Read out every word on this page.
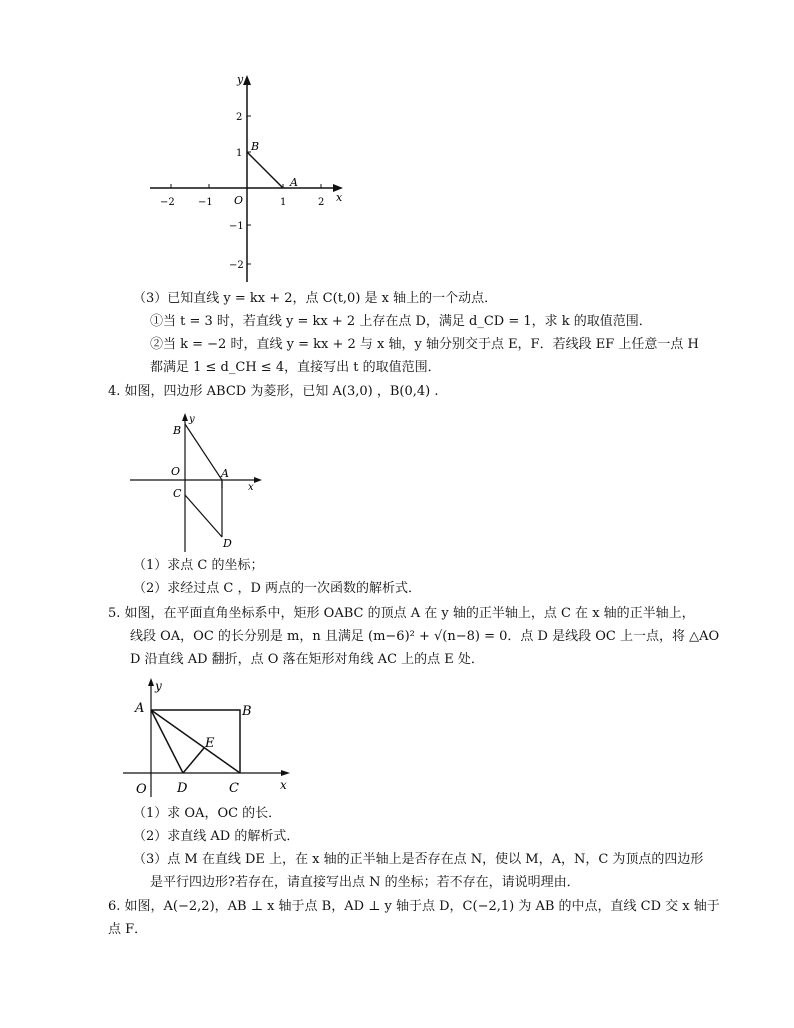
y
x
O
−2 −1	1	2
2
1
−1
−2
B
A
（3）已知直线 y = kx + 2，点 C(t,0) 是 x 轴上的一个动点．
①当 t = 3 时，若直线 y = kx + 2 上存在点 D，满足 d_CD = 1，求 k 的取值范围．
②当 k = −2 时，直线 y = kx + 2 与 x 轴，y 轴分别交于点 E，F．若线段 EF 上任意一点 H
都满足 1 ≤ d_CH ≤ 4，直接写出 t 的取值范围．
4. 如图，四边形 ABCD 为菱形，已知 A(3,0) ，B(0,4) .
y
x
O
B
A
C
D
（1）求点 C 的坐标；
（2）求经过点 C ，D 两点的一次函数的解析式．
5. 如图，在平面直角坐标系中，矩形 OABC 的顶点 A 在 y 轴的正半轴上，点 C 在 x 轴的正半轴上，
线段 OA，OC 的长分别是 m，n 且满足 (m−6)² + √(n−8) = 0．点 D 是线段 OC 上一点，将 △AO
D 沿直线 AD 翻折，点 O 落在矩形对角线 AC 上的点 E 处．
y
x
O
A	B
D	C
E
（1）求 OA，OC 的长．
（2）求直线 AD 的解析式．
（3）点 M 在直线 DE 上，在 x 轴的正半轴上是否存在点 N，使以 M，A，N，C 为顶点的四边形
是平行四边形?若存在，请直接写出点 N 的坐标；若不存在，请说明理由．
6. 如图，A(−2,2)，AB ⊥ x 轴于点 B，AD ⊥ y 轴于点 D，C(−2,1) 为 AB 的中点，直线 CD 交 x 轴于
点 F．
